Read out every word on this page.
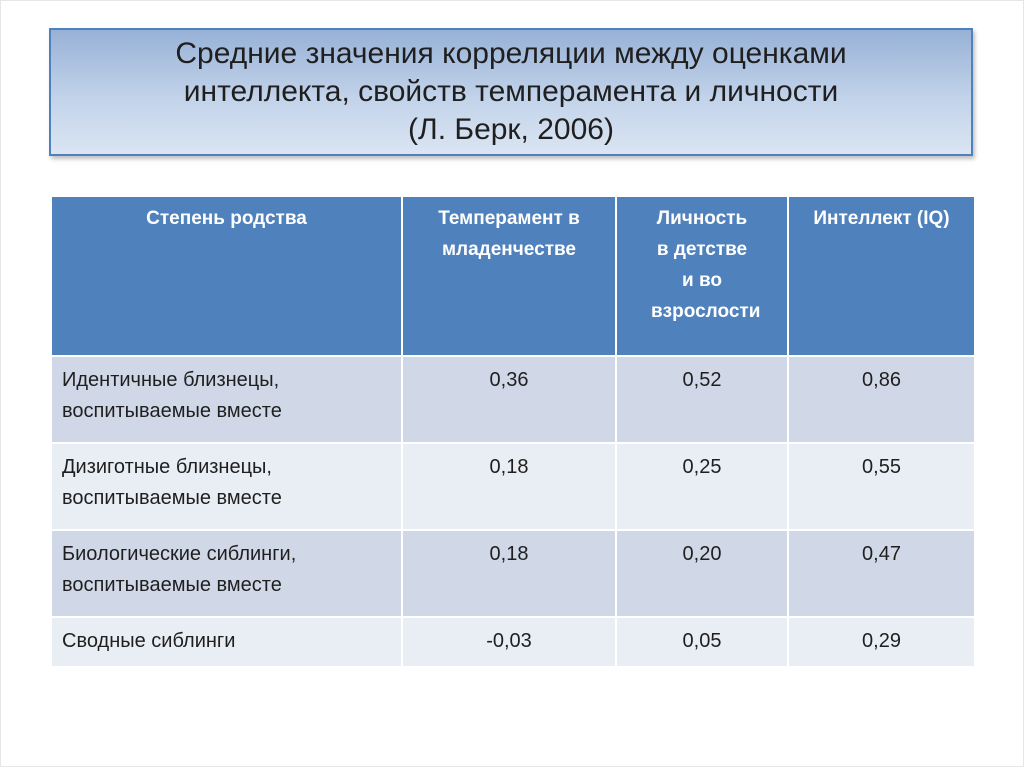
Средние значения корреляции между оценками
интеллекта, свойств темперамента и личности
(Л. Берк, 2006)
Степень родства	Темперамент в младенчестве	Личность в детстве и во взрослости	Интеллект (IQ)

Идентичные близнецы,
воспитываемые вместе	0,36	0,52	0,86

Дизиготные близнецы,
воспитываемые вместе	0,18	0,25	0,55

Биологические сиблинги,
воспитываемые вместе	0,18	0,20	0,47

Сводные сиблинги	-0,03	0,05	0,29
